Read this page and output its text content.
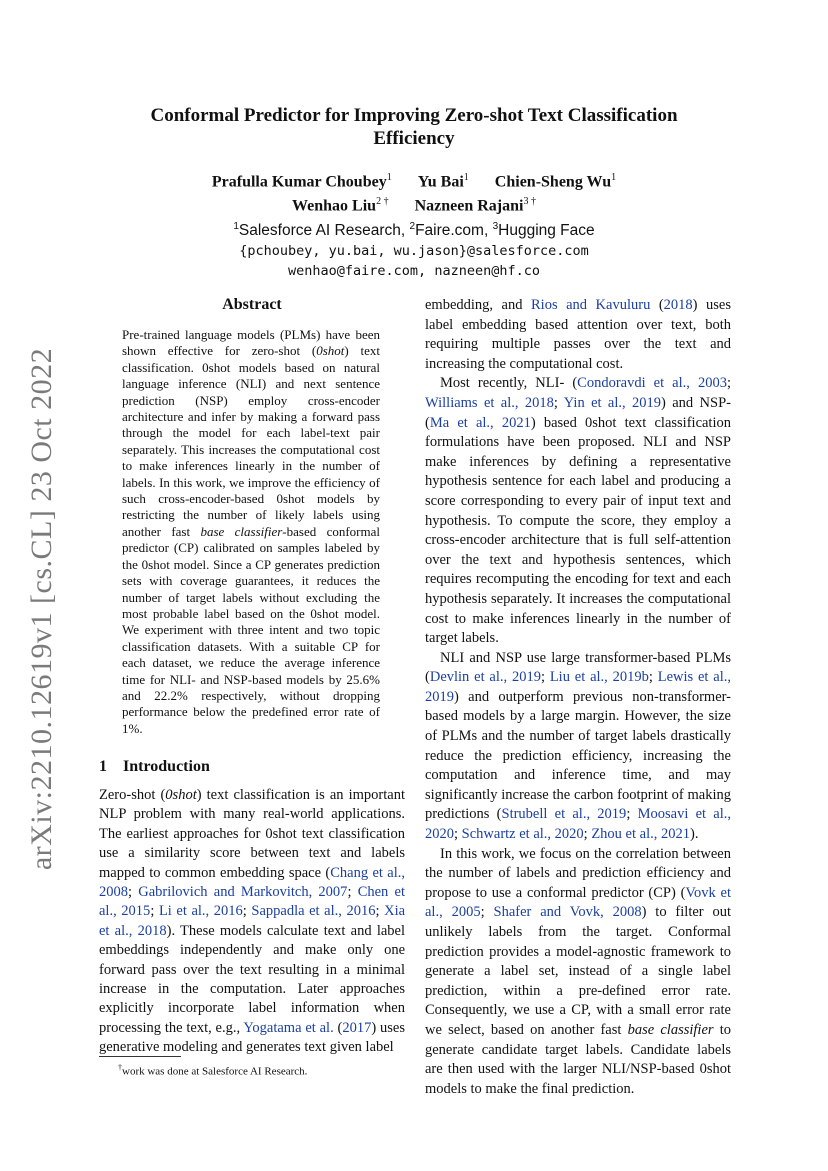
arXiv:2210.12619v1 [cs.CL] 23 Oct 2022
Conformal Predictor for Improving Zero-shot Text Classification
Efficiency
Prafulla Kumar Choubey$^1$ Yu Bai$^1$ Chien-Sheng Wu$^1$
Wenhao Liu$^{2 \dagger}$ Nazneen Rajani$^{3 \dagger}$
$^1$Salesforce AI Research, $^2$Faire.com, $^3$Hugging Face
{pchoubey, yu.bai, wu.jason}@salesforce.com
wenhao@faire.com, nazneen@hf.co
Abstract
Pre-trained language models (PLMs) have been shown effective for zero-shot (0shot) text classification. 0shot models based on natural language inference (NLI) and next sentence prediction (NSP) employ cross-encoder architecture and infer by making a forward pass through the model for each label-text pair separately. This increases the computational cost to make inferences linearly in the number of labels. In this work, we improve the efficiency of such cross-encoder-based 0shot models by restricting the number of likely labels using another fast base classifier-based conformal predictor (CP) calibrated on samples labeled by the 0shot model. Since a CP generates prediction sets with coverage guarantees, it reduces the number of target labels without excluding the most probable label based on the 0shot model. We experiment with three intent and two topic classification datasets. With a suitable CP for each dataset, we reduce the average inference time for NLI- and NSP-based models by 25.6% and 22.2% respectively, without dropping performance below the predefined error rate of 1%.
1 Introduction

Zero-shot (0shot) text classification is an important NLP problem with many real-world applications. The earliest approaches for 0shot text classification use a similarity score between text and labels mapped to common embedding space (Chang et al., 2008; Gabrilovich and Markovitch, 2007; Chen et al., 2015; Li et al., 2016; Sappadla et al., 2016; Xia et al., 2018). These models calculate text and label embeddings independently and make only one forward pass over the text resulting in a minimal increase in the computation. Later approaches explicitly incorporate label information when processing the text, e.g., Yogatama et al. (2017) uses generative modeling and generates text given label

†work was done at Salesforce AI Research.

embedding, and Rios and Kavuluru (2018) uses label embedding based attention over text, both requiring multiple passes over the text and increasing the computational cost.

Most recently, NLI- (Condoravdi et al., 2003; Williams et al., 2018; Yin et al., 2019) and NSP- (Ma et al., 2021) based 0shot text classification formulations have been proposed. NLI and NSP make inferences by defining a representative hypothesis sentence for each label and producing a score corresponding to every pair of input text and hypothesis. To compute the score, they employ a cross-encoder architecture that is full self-attention over the text and hypothesis sentences, which requires recomputing the encoding for text and each hypothesis separately. It increases the computational cost to make inferences linearly in the number of target labels.

NLI and NSP use large transformer-based PLMs (Devlin et al., 2019; Liu et al., 2019b; Lewis et al., 2019) and outperform previous non-transformer-based models by a large margin. However, the size of PLMs and the number of target labels drastically reduce the prediction efficiency, increasing the computation and inference time, and may significantly increase the carbon footprint of making predictions (Strubell et al., 2019; Moosavi et al., 2020; Schwartz et al., 2020; Zhou et al., 2021).

In this work, we focus on the correlation between the number of labels and prediction efficiency and propose to use a conformal predictor (CP) (Vovk et al., 2005; Shafer and Vovk, 2008) to filter out unlikely labels from the target. Conformal prediction provides a model-agnostic framework to generate a label set, instead of a single label prediction, within a pre-defined error rate. Consequently, we use a CP, with a small error rate we select, based on another fast base classifier to generate candidate target labels. Candidate labels are then used with the larger NLI/NSP-based 0shot models to make the final prediction.
